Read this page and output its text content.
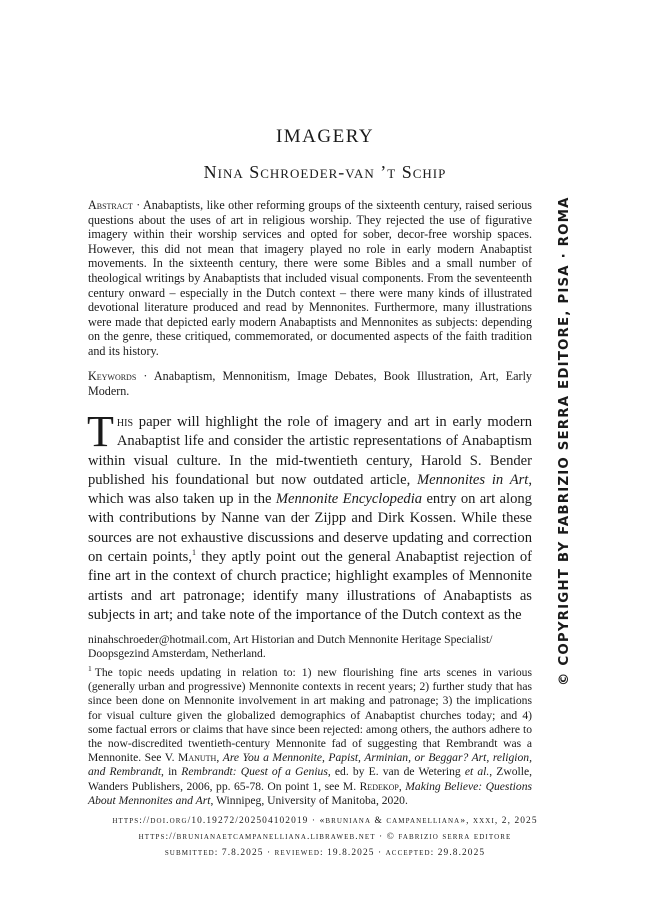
IMAGERY
Nina Schroeder-van ’t Schip
Abstract · Anabaptists, like other reforming groups of the sixteenth century, raised serious questions about the uses of art in religious worship. They rejected the use of figurative imagery within their worship services and opted for sober, decor-free worship spaces. However, this did not mean that imagery played no role in early modern Anabaptist movements. In the sixteenth century, there were some Bibles and a small number of theological writings by Anabaptists that included visual components. From the seventeenth century onward – especially in the Dutch context – there were many kinds of illustrated devotional literature produced and read by Mennonites. Furthermore, many illustrations were made that depicted early modern Anabaptists and Mennonites as subjects: depending on the genre, these critiqued, commemorated, or documented aspects of the faith tradition and its history.
Keywords · Anabaptism, Mennonitism, Image Debates, Book Illustration, Art, Early Modern.
This paper will highlight the role of imagery and art in early modern Anabaptist life and consider the artistic representations of Anabaptism within visual culture. In the mid-twentieth century, Harold S. Bender published his foundational but now outdated article, Mennonites in Art, which was also taken up in the Mennonite Encyclopedia entry on art along with contributions by Nanne van der Zijpp and Dirk Kossen. While these sources are not exhaustive discussions and deserve updating and correction on certain points,$^1$ they aptly point out the general Anabaptist rejection of fine art in the context of church practice; highlight examples of Mennonite artists and art patronage; identify many illustrations of Anabaptists as subjects in art; and take note of the importance of the Dutch context as the
ninahschroeder@hotmail.com, Art Historian and Dutch Mennonite Heritage Specialist/ Doopsgezind Amsterdam, Netherland.
$^1$ The topic needs updating in relation to: 1) new flourishing fine arts scenes in various (generally urban and progressive) Mennonite contexts in recent years; 2) further study that has since been done on Mennonite involvement in art making and patronage; 3) the implications for visual culture given the globalized demographics of Anabaptist churches today; and 4) some factual errors or claims that have since been rejected: among others, the authors adhere to the now-discredited twentieth-century Mennonite fad of suggesting that Rembrandt was a Mennonite. See V. Manuth, Are You a Mennonite, Papist, Arminian, or Beggar? Art, religion, and Rembrandt, in Rembrandt: Quest of a Genius, ed. by E. van de Wetering et al., Zwolle, Wanders Publishers, 2006, pp. 65-78. On point 1, see M. Redekop, Making Believe: Questions About Mennonites and Art, Winnipeg, University of Manitoba, 2020.
https://doi.org/10.19272/202504102019 · «bruniana & campanelliana», xxxi, 2, 2025
https://brunianaetcampanelliana.libraweb.net · © fabrizio serra editore
submitted: 7.8.2025 · reviewed: 19.8.2025 · accepted: 29.8.2025
© COPYRIGHT BY FABRIZIO SERRA EDITORE, PISA · ROMA
